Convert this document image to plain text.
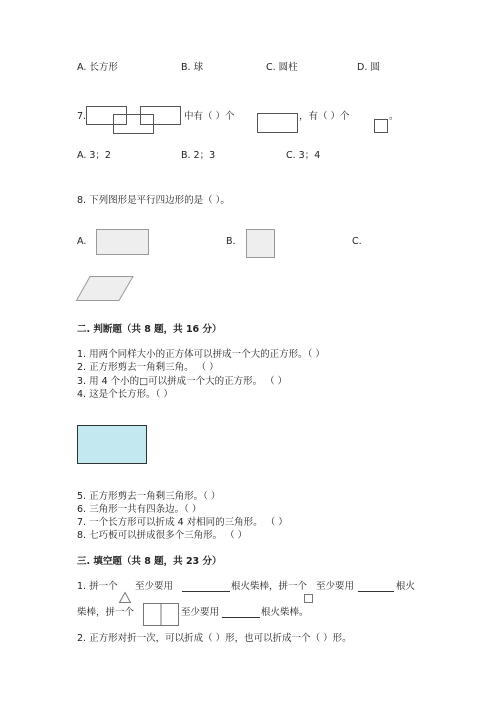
A. 长方形	B. 球	C. 圆柱	D. 圆
7.	中有（ ）个	，有（ ）个	。
A. 3；2	B. 2；3	C. 3；4
8. 下列图形是平行四边形的是（ ）。
A.	B.	C.
二. 判断题（共 8 题，共 16 分）
1. 用两个同样大小的正方体可以拼成一个大的正方形。（ ）
2. 正方形剪去一角剩三角。 （ ）
3. 用 4 个小的□可以拼成一个大的正方形。 （ ）
4. 这是个长方形。（ ）
5. 正方形剪去一角剩三角形。（ ）
6. 三角形一共有四条边。（ ）
7. 一个长方形可以折成 4 对相同的三角形。 （ ）
8. 七巧板可以拼成很多个三角形。 （ ）
三. 填空题（共 8 题，共 23 分）
1. 拼一个 至少要用	根火柴棒，拼一个 至少要用	根火
柴棒，拼一个	至少要用	根火柴棒。
2. 正方形对折一次，可以折成（ ）形，也可以折成一个（ ）形。
